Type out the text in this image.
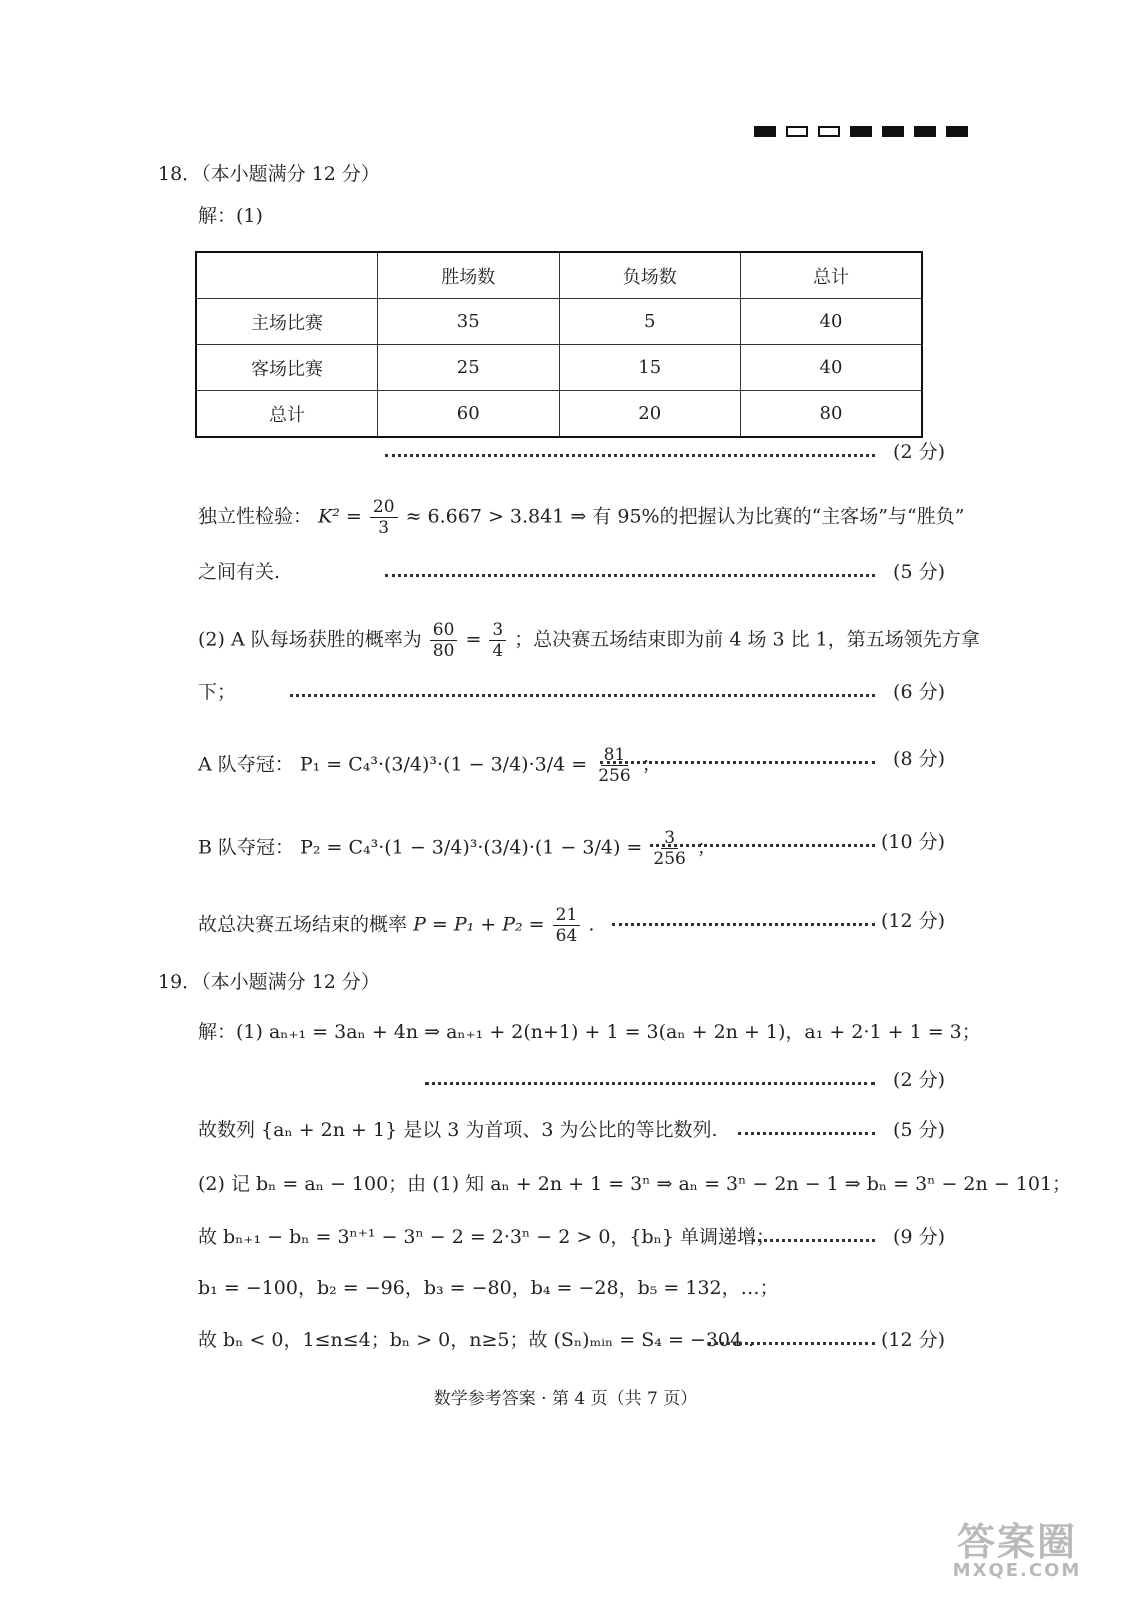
18．（本小题满分 12 分）
解：(1)
	胜场数	负场数	总计
主场比赛	35	5	40
客场比赛	25	15	40
总计	60	20	80
(2 分)
独立性检验： $K^2 = \frac{20}{3} \approx 6.667 > 3.841$ ⇒ 有 95%的把握认为比赛的“主客场”与“胜负”
之间有关.	(5 分)
(2) A 队每场获胜的概率为 $\frac{60}{80} = \frac{3}{4}$ ；总决赛五场结束即为前 4 场 3 比 1，第五场领先方拿
下；	(6 分)
A 队夺冠： $P_1 = C_4^3\cdot(3/4)^3\cdot(1 - 3/4)\cdot 3/4 = \frac{81}{256}$ ；	(8 分)
B 队夺冠： $P_2 = C_4^3\cdot(1 - 3/4)^3\cdot(3/4)\cdot(1 - 3/4) = \frac{3}{256}$ ；	(10 分)
故总决赛五场结束的概率 $P = P_1 + P_2 = \frac{21}{64}$ .	(12 分)
19．（本小题满分 12 分）
解：(1) aₙ₊₁ = 3aₙ + 4n ⇒ aₙ₊₁ + 2(n+1) + 1 = 3(aₙ + 2n + 1)，a₁ + 2·1 + 1 = 3；
(2 分)
故数列 {aₙ + 2n + 1} 是以 3 为首项、3 为公比的等比数列.	(5 分)
(2) 记 bₙ = aₙ − 100；由 (1) 知 aₙ + 2n + 1 = 3ⁿ ⇒ aₙ = 3ⁿ − 2n − 1 ⇒ bₙ = 3ⁿ − 2n − 101；
故 bₙ₊₁ − bₙ = 3ⁿ⁺¹ − 3ⁿ − 2 = 2·3ⁿ − 2 > 0，{bₙ} 单调递增；	(9 分)
b₁ = −100，b₂ = −96，b₃ = −80，b₄ = −28，b₅ = 132，…；
故 bₙ < 0，1≤n≤4；bₙ > 0，n≥5；故 (Sₙ)ₘᵢₙ = S₄ = −304 .	(12 分)
数学参考答案 · 第 4 页（共 7 页）
答案圈
MXQE.COM
